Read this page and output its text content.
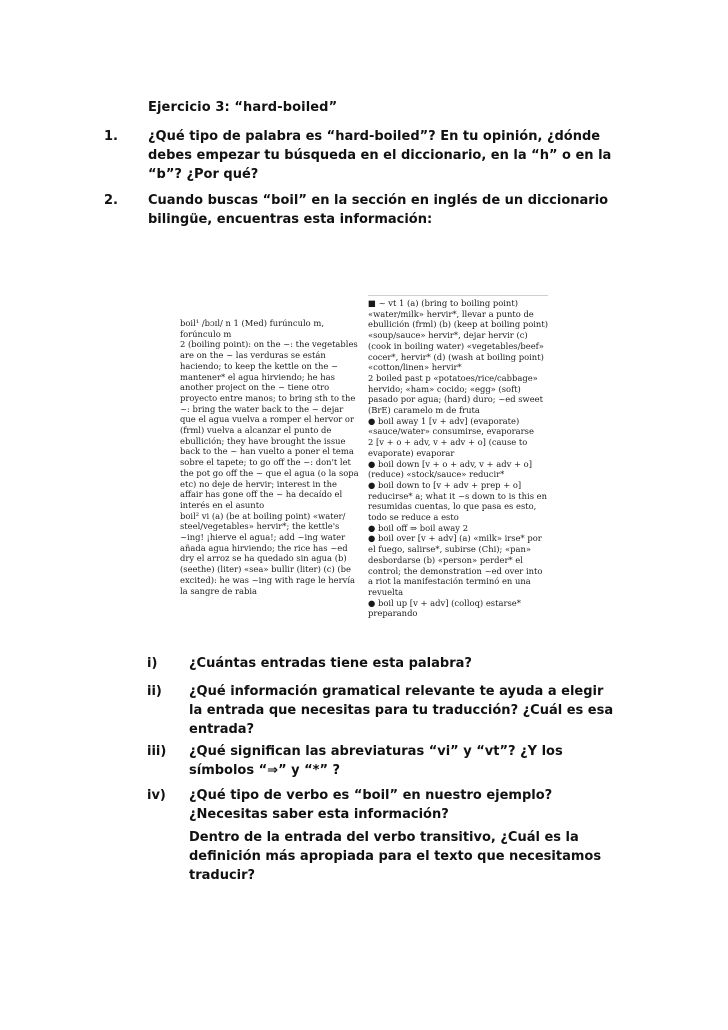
Ejercicio 3: “hard-boiled”
1.	¿Qué tipo de palabra es “hard-boiled”? En tu opinión, ¿dónde debes empezar tu búsqueda en el diccionario, en la “h” o en la “b”? ¿Por qué?
2.	Cuando buscas “boil” en la sección en inglés de un diccionario bilingüe, encuentras esta información:

boil¹ /bɔɪl/ n 1 (Med) furúnculo m, forúnculo m

2 (boiling point): on the ~: the vegetables are on the ~ las verduras se están haciendo; to keep the kettle on the ~ mantener* el agua hirviendo; he has another project on the ~ tiene otro proyecto entre manos; to bring sth to the ~: bring the water back to the ~ dejar que el agua vuelva a romper el hervor or (frml) vuelva a alcanzar el punto de ebullición; they have brought the issue back to the ~ han vuelto a poner el tema sobre el tapete; to go off the ~: don't let the pot go off the ~ que el agua (o la sopa etc) no deje de hervir; interest in the affair has gone off the ~ ha decaído el interés en el asunto

boil² vi (a) (be at boiling point) «water/ steel/vegetables» hervir*; the kettle's ~ing! ¡hierve el agua!; add ~ing water añada agua hirviendo; the rice has ~ed dry el arroz se ha quedado sin agua (b) (seethe) (liter) «sea» bullir (liter) (c) (be excited): he was ~ing with rage le hervía la sangre de rabia

■ ~ vt 1 (a) (bring to boiling point) «water/milk» hervir*, llevar a punto de ebullición (frml) (b) (keep at boiling point) «soup/sauce» hervir*, dejar hervir (c) (cook in boiling water) «vegetables/beef» cocer*, hervir* (d) (wash at boiling point) «cotton/linen» hervir*

2 boiled past p «potatoes/rice/cabbage» hervido; «ham» cocido; «egg» (soft) pasado por agua; (hard) duro; ~ed sweet (BrE) caramelo m de fruta

● boil away 1 [v + adv] (evaporate) «sauce/water» consumirse, evaporarse

2 [v + o + adv, v + adv + o] (cause to evaporate) evaporar

● boil down [v + o + adv, v + adv + o] (reduce) «stock/sauce» reducir*

● boil down to [v + adv + prep + o] reducirse* a; what it ~s down to is this en resumidas cuentas, lo que pasa es esto, todo se reduce a esto

● boil off ⇒ boil away 2

● boil over [v + adv] (a) «milk» irse* por el fuego, salirse*, subirse (Chi); «pan» desbordarse (b) «person» perder* el control; the demonstration ~ed over into a riot la manifestación terminó en una revuelta

● boil up [v + adv] (colloq) estarse* preparando

i)	¿Cuántas entradas tiene esta palabra?
ii)	¿Qué información gramatical relevante te ayuda a elegir la entrada que necesitas para tu traducción? ¿Cuál es esa entrada?
iii)	¿Qué significan las abreviaturas “vi” y “vt”? ¿Y los símbolos “⇒” y “*” ?
iv)	¿Qué tipo de verbo es “boil” en nuestro ejemplo? ¿Necesitas saber esta información?
Dentro de la entrada del verbo transitivo, ¿Cuál es la definición más apropiada para el texto que necesitamos traducir?
